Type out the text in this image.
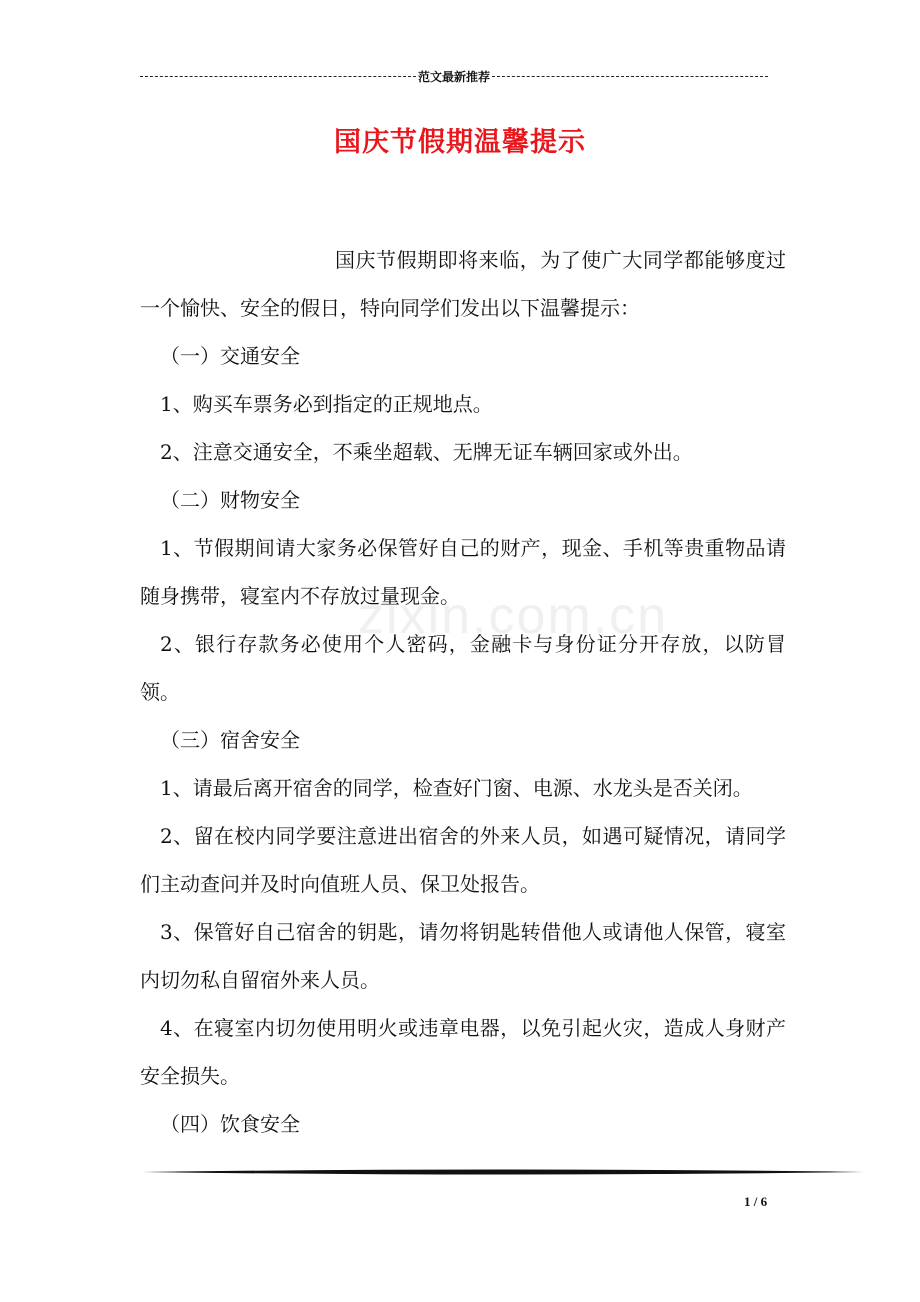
范文最新推荐
国庆节假期温馨提示
zixin.com.cn

国庆节假期即将来临，为了使广大同学都能够度过一个愉快、安全的假日，特向同学们发出以下温馨提示：

（一）交通安全

1、购买车票务必到指定的正规地点。

2、注意交通安全，不乘坐超载、无牌无证车辆回家或外出。

（二）财物安全

1、节假期间请大家务必保管好自己的财产，现金、手机等贵重物品请随身携带，寝室内不存放过量现金。

2、银行存款务必使用个人密码，金融卡与身份证分开存放，以防冒领。

（三）宿舍安全

1、请最后离开宿舍的同学，检查好门窗、电源、水龙头是否关闭。

2、留在校内同学要注意进出宿舍的外来人员，如遇可疑情况，请同学们主动查问并及时向值班人员、保卫处报告。

3、保管好自己宿舍的钥匙，请勿将钥匙转借他人或请他人保管，寝室内切勿私自留宿外来人员。

4、在寝室内切勿使用明火或违章电器，以免引起火灾，造成人身财产安全损失。

（四）饮食安全

1 / 6
